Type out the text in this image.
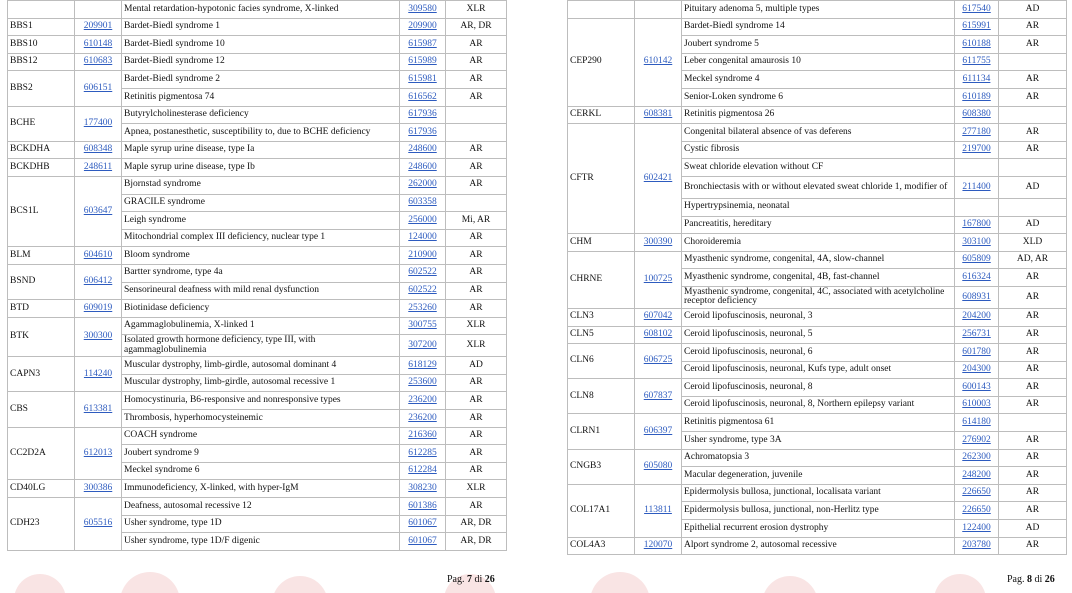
		Mental retardation-hypotonic facies syndrome, X-linked	309580	XLR
BBS1	209901	Bardet-Biedl syndrome 1	209900	AR, DR
BBS10	610148	Bardet-Biedl syndrome 10	615987	AR
BBS12	610683	Bardet-Biedl syndrome 12	615989	AR
BBS2	606151	Bardet-Biedl syndrome 2	615981	AR
		Retinitis pigmentosa 74	616562	AR
BCHE	177400	Butyrylcholinesterase deficiency	617936	
		Apnea, postanesthetic, susceptibility to, due to BCHE deficiency	617936	
BCKDHA	608348	Maple syrup urine disease, type Ia	248600	AR
BCKDHB	248611	Maple syrup urine disease, type Ib	248600	AR
BCS1L	603647	Bjornstad syndrome	262000	AR
		GRACILE syndrome	603358	
		Leigh syndrome	256000	Mi, AR
		Mitochondrial complex III deficiency, nuclear type 1	124000	AR
BLM	604610	Bloom syndrome	210900	AR
BSND	606412	Bartter syndrome, type 4a	602522	AR
		Sensorineural deafness with mild renal dysfunction	602522	AR
BTD	609019	Biotinidase deficiency	253260	AR
BTK	300300	Agammaglobulinemia, X-linked 1	300755	XLR
		Isolated growth hormone deficiency, type III, with agammaglobulinemia	307200	XLR
CAPN3	114240	Muscular dystrophy, limb-girdle, autosomal dominant 4	618129	AD
		Muscular dystrophy, limb-girdle, autosomal recessive 1	253600	AR
CBS	613381	Homocystinuria, B6-responsive and nonresponsive types	236200	AR
		Thrombosis, hyperhomocysteinemic	236200	AR
CC2D2A	612013	COACH syndrome	216360	AR
		Joubert syndrome 9	612285	AR
		Meckel syndrome 6	612284	AR
CD40LG	300386	Immunodeficiency, X-linked, with hyper-IgM	308230	XLR
CDH23	605516	Deafness, autosomal recessive 12	601386	AR
		Usher syndrome, type 1D	601067	AR, DR
		Usher syndrome, type 1D/F digenic	601067	AR, DR
Pag. 7 di 26
		Pituitary adenoma 5, multiple types	617540	AD
CEP290	610142	Bardet-Biedl syndrome 14	615991	AR
		Joubert syndrome 5	610188	AR
		Leber congenital amaurosis 10	611755	
		Meckel syndrome 4	611134	AR
		Senior-Loken syndrome 6	610189	AR
CERKL	608381	Retinitis pigmentosa 26	608380	
CFTR	602421	Congenital bilateral absence of vas deferens	277180	AR
		Cystic fibrosis	219700	AR
		Sweat chloride elevation without CF		
		Bronchiectasis with or without elevated sweat chloride 1, modifier of	211400	AD
		Hypertrypsinemia, neonatal		
		Pancreatitis, hereditary	167800	AD
CHM	300390	Choroideremia	303100	XLD
CHRNE	100725	Myasthenic syndrome, congenital, 4A, slow-channel	605809	AD, AR
		Myasthenic syndrome, congenital, 4B, fast-channel	616324	AR
		Myasthenic syndrome, congenital, 4C, associated with acetylcholine receptor deficiency	608931	AR
CLN3	607042	Ceroid lipofuscinosis, neuronal, 3	204200	AR
CLN5	608102	Ceroid lipofuscinosis, neuronal, 5	256731	AR
CLN6	606725	Ceroid lipofuscinosis, neuronal, 6	601780	AR
		Ceroid lipofuscinosis, neuronal, Kufs type, adult onset	204300	AR
CLN8	607837	Ceroid lipofuscinosis, neuronal, 8	600143	AR
		Ceroid lipofuscinosis, neuronal, 8, Northern epilepsy variant	610003	AR
CLRN1	606397	Retinitis pigmentosa 61	614180	
		Usher syndrome, type 3A	276902	AR
CNGB3	605080	Achromatopsia 3	262300	AR
		Macular degeneration, juvenile	248200	AR
COL17A1	113811	Epidermolysis bullosa, junctional, localisata variant	226650	AR
		Epidermolysis bullosa, junctional, non-Herlitz type	226650	AR
		Epithelial recurrent erosion dystrophy	122400	AD
COL4A3	120070	Alport syndrome 2, autosomal recessive	203780	AR
Pag. 8 di 26
